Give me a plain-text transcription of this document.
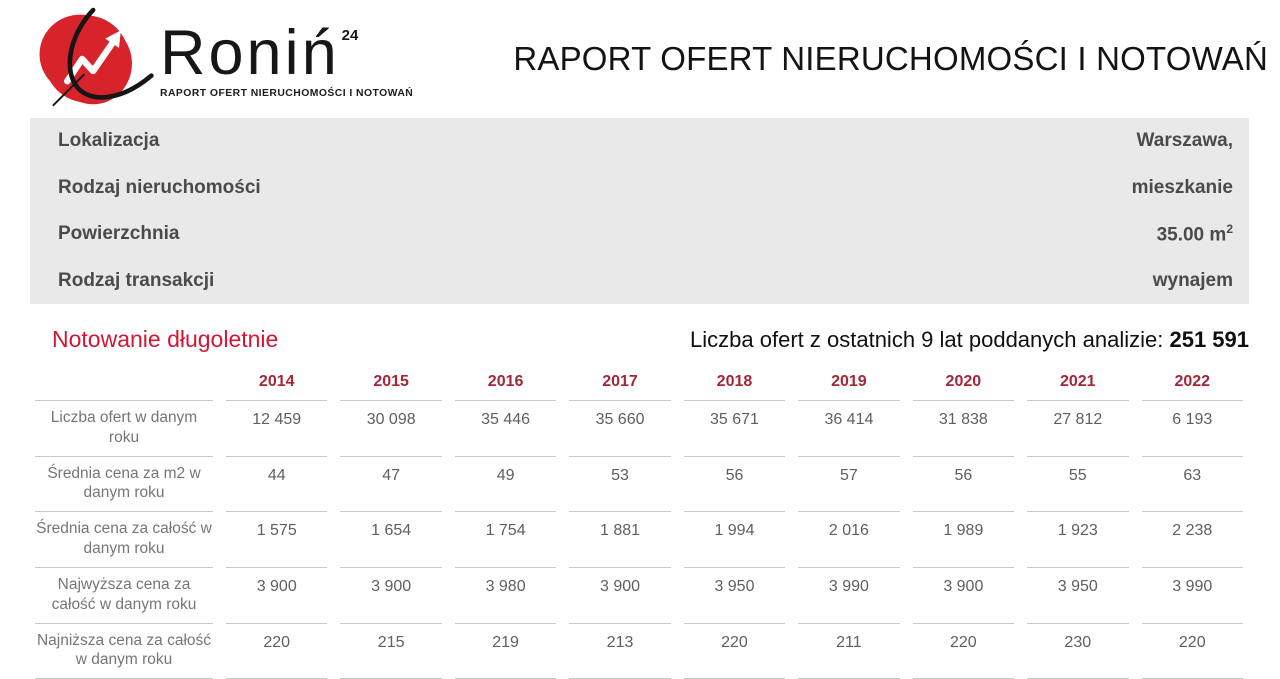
Roniń 24
RAPORT OFERT NIERUCHOMOŚCI I NOTOWAŃ
RAPORT OFERT NIERUCHOMOŚCI I NOTOWAŃ
Lokalizacja	Warszawa,
Rodzaj nieruchomości	mieszkanie
Powierzchnia	35.00 $m^2$
Rodzaj transakcji	wynajem
Notowanie długoletnie	Liczba ofert z ostatnich 9 lat poddanych analizie: 251 591

	2014	2015	2016	2017	2018	2019	2020	2021	2022
Liczba ofert w danym roku	12 459	30 098	35 446	35 660	35 671	36 414	31 838	27 812	6 193
Średnia cena za m2 w danym roku	44	47	49	53	56	57	56	55	63
Średnia cena za całość w danym roku	1 575	1 654	1 754	1 881	1 994	2 016	1 989	1 923	2 238
Najwyższa cena za całość w danym roku	3 900	3 900	3 980	3 900	3 950	3 990	3 900	3 950	3 990
Najniższa cena za całość w danym roku	220	215	219	213	220	211	220	230	220
